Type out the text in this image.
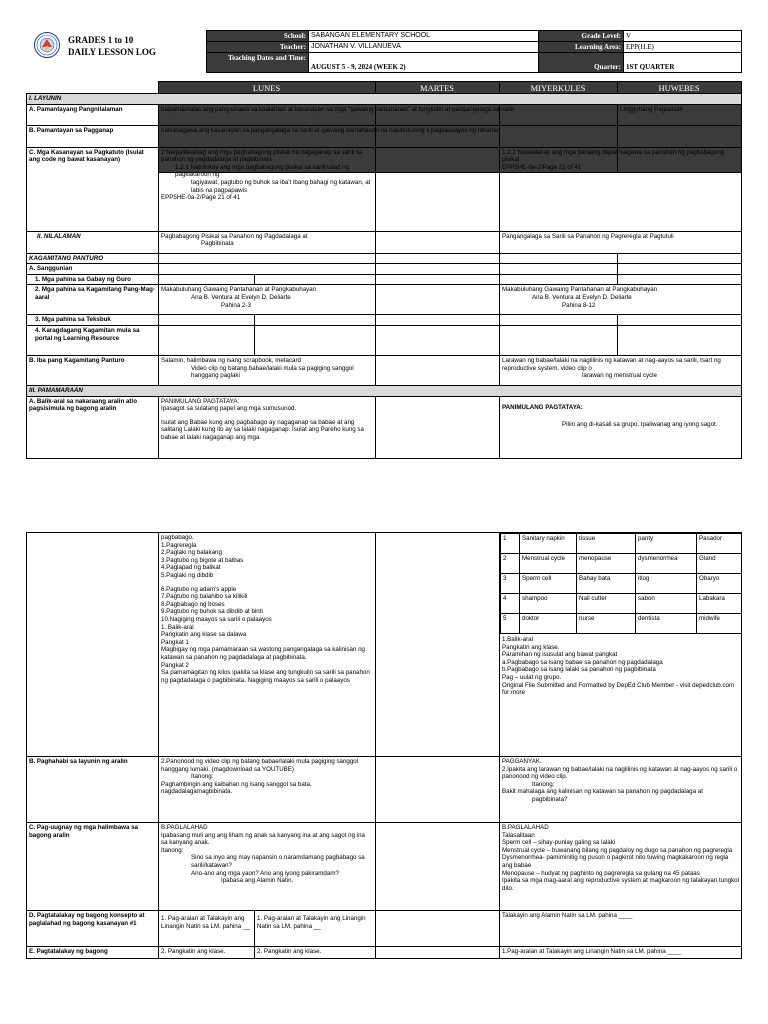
GRADES 1 to 10
DAILY LESSON LOG
School:	SABANGAN ELEMENTARY SCHOOL	Grade Level:	V
Teacher:	JONATHAN V. VILLANUEVA	Learning Area:	EPP(H.E)
Teaching Dates and Time:	AUGUST 5 - 9, 2024 (WEEK 2)	Quarter:	1ST QUARTER
	LUNES	MARTES	MIYERKULES	HUWEBES	
I. LAYUNIN					
A. Pamantayang Pangnilalaman	naipamamalas ang pang-unawa sa kaalaman at kasanayan sa mga "gawaing pantahanan" at tungkulin at pangangalaga sa sarili				Lingguhang Pagsusulit
B. Pamantayan sa Pagganap	naisasagawa ang kasanayan sa pangangalaga sa sarili at gawaing pantahanan na nakatutulong s pagsasaayos ng tahanan				
C. Mga Kasanayan sa Pagkatuto (Isulat ang code ng bawat kasanayan)	2 Naipaliliwanag ang mga pagbabagong pisikal na nagaganap sa sarili sa panahon ng pagdadalaga at pagbibinata
1.2.1 Natutukoy ang mga pagbabagong pisikal sa sarili tulad ng pagkakaroon ng
tagiyawat, pagtubo ng buhok sa iba't ibang bahagi ng katawan, at labis na pagpapawis
EPP5HE-0a-2/Page 21 of 41			1.2.2 Natatalakay ang mga paraang dapat isagawa sa panahon ng pagbabagong pisikal
EPP5HE-0a-2/Page 21 of 41	

II. NILALAMAN	Pagbabagong Pisikal sa Panahon ng Pagdadalaga at
Pagbibinata			Pangangalaga sa Sarili sa Panahon ng Pagreregla at Pagtutuli	
KAGAMITANG PANTURO					
A. Sanggunian					
1. Mga pahina sa Gabay ng Guro					
2. Mga pahina sa Kagamitang Pang-Mag-aaral	Makabuluhang Gawaing Pantahanan at Pangkabuhayan
Ana B. Ventura at Evelyn D. Deliarte
Pahina 2-3			Makabuluhang Gawaing Pantahanan at Pangkabuhayan
Ana B. Ventura at Evelyn D. Deliarte
Pahina 8-12	

3. Mga pahina sa Teksbuk					
4. Karagdagang Kagamitan mula sa portal ng Learning Resource					
B. Iba pang Kagamitang Panturo	Salamin, halimbawa ng isang scrapbook, metacard
Video clip ng batang babae/lalaki mula sa pagiging sanggol hanggang paglaki			Larawan ng babae/lalaki na naglilinis ng katawan at nag-aayos sa sarili, tsart ng reproductive system, video clip o
larawan ng menstrual cycle	

III. PAMAMARAAN					
A. Balik-aral sa nakaraang aralin at/o pagsisimula ng bagong aralin	PANIMULANG PAGTATAYA:
Ipasagot sa sulatang papel ang mga sumusunod.
Isulat ang Babae kung ang pagbabago ay nagaganap sa babae at ang salitang Lalaki kung ito ay sa lalaki nagaganap. Isulat ang Pareho kung sa babae at lalaki nagaganap ang mga			PANIMULANG PAGTATAYA:
Piliin ang di-kasali sa grupo. Ipaliwanag ang iyong sagot.	

pagbabago.
1.Pagreregla
2.Paglaki ng balakang
3.Pagtubo ng bigote at balbas
4.Paglapad ng balikat
5.Paglaki ng dibdib
6.Pagtubo ng adam's apple
7.Pagtubo ng balahibo sa kilikili
8.Pagbabago ng boses
9.Pagtubo ng buhok sa dibdib at binti
10.Nagiging maayos sa sarili o palaayos
1. Balik-aral
Pangkatin ang klase sa dalawa
Pangkat 1
Magbigay ng mga pamamaraan sa wastong pangangalaga sa kalinisan ng katawan sa panahon ng pagdadalaga at pagbibinata.
Pangkat 2
Sa pamamagitan ng kilos ipakita sa klase ang tungkulin sa sarili sa panahon ng pagdadalaga o pagbibinata. Nagiging maayos sa sarili o palaayos

1	Sanitary napkin	tissue	panty	Pasador
2	Menstrual cycle	menopause	dysmenorrhea	Gland
3	Sperm cell	Bahay bata	itlog	Obaryo
4	shampoo	Nail cutter	sabon	Labakara
5	doktor	nurse	dentista	midwife
1.Balik-aral
Pangkatin ang klase.
Paramihan ng isusulat ang bawat pangkat
a.Pagbabago sa isang babae sa panahon ng pagdadalaga
b.Pagbabago sa isang lalaki sa panahon ng pagbibinata
Pag – uulat ng grupo.
Original File Submitted and Formatted by DepEd Club Member - visit depedclub.com for more

B. Paghahabi sa layunin ng aralin	2.Panonood ng video clip ng batang babae/lalaki mula pagiging sanggol hanggang lumaki. (magdownload sa YOUTUBE)
Itanong:
Paghambingin ang kaibahan ng isang sanggol sa bata, nagdadalaga/nagbibinata.

PAGGANYAK.
2.Ipakita ang larawan ng babae/lalaki na naglilinis ng katawan at nag-aayos ng sarili o panonood ng video clip.
Itanong:
Bakit mahalaga ang kalinisan ng katawan sa panahon ng pagdadalaga at
pagbibinata?

C. Pag-uugnay ng mga halimbawa sa bagong aralin	
B.PAGLALAHAD
Ipabasang muli ang ang liham ng anak sa kanyang ina at ang sagot ng ina sa kanyang anak.
Itanong:
Sino sa inyo ang may napansin o naramdamang pagbabago sa sarili/katawan?
Ano-ano ang mga yaon? Ano ang iyong pakiramdam?
Ipabasa ang Alamin Natin.

B.PAGLALAHAD
Talasalitaan
Sperm cell – sihay-punlay galing sa lalaki
Menstrual cycle – buwanang bilang ng pagdaloy ng dugo sa panahon ng pagreregla
Dysmenorrhea- pamiminitig ng puson o pagkirot nito tuwing magkakaroon ng regla ang babae
Menopause – hudyat ng paghinto ng pagreregla sa gulang na 45 pataas
Ipakita sa mga mag-aaral ang reproductive system at magkaroon ng talakayan tungkol dito.

D. Pagtatalakay ng bagong konsepto at paglalahad ng bagong kasanayan #1	1. Pag-aralan at Talakayin ang Linangin Natin sa LM. pahina __	1. Pag-aralan at Talakayin ang Linangin Natin sa LM. pahina __		Talakayin ang Alamin Natin sa LM. pahina ____
E. Pagtatalakay ng bagong	2. Pangkatin ang klase.	2. Pangkatin ang klase.		1.Pag-aralan at Talakayin ang Linangin Natin sa LM. pahina ____
